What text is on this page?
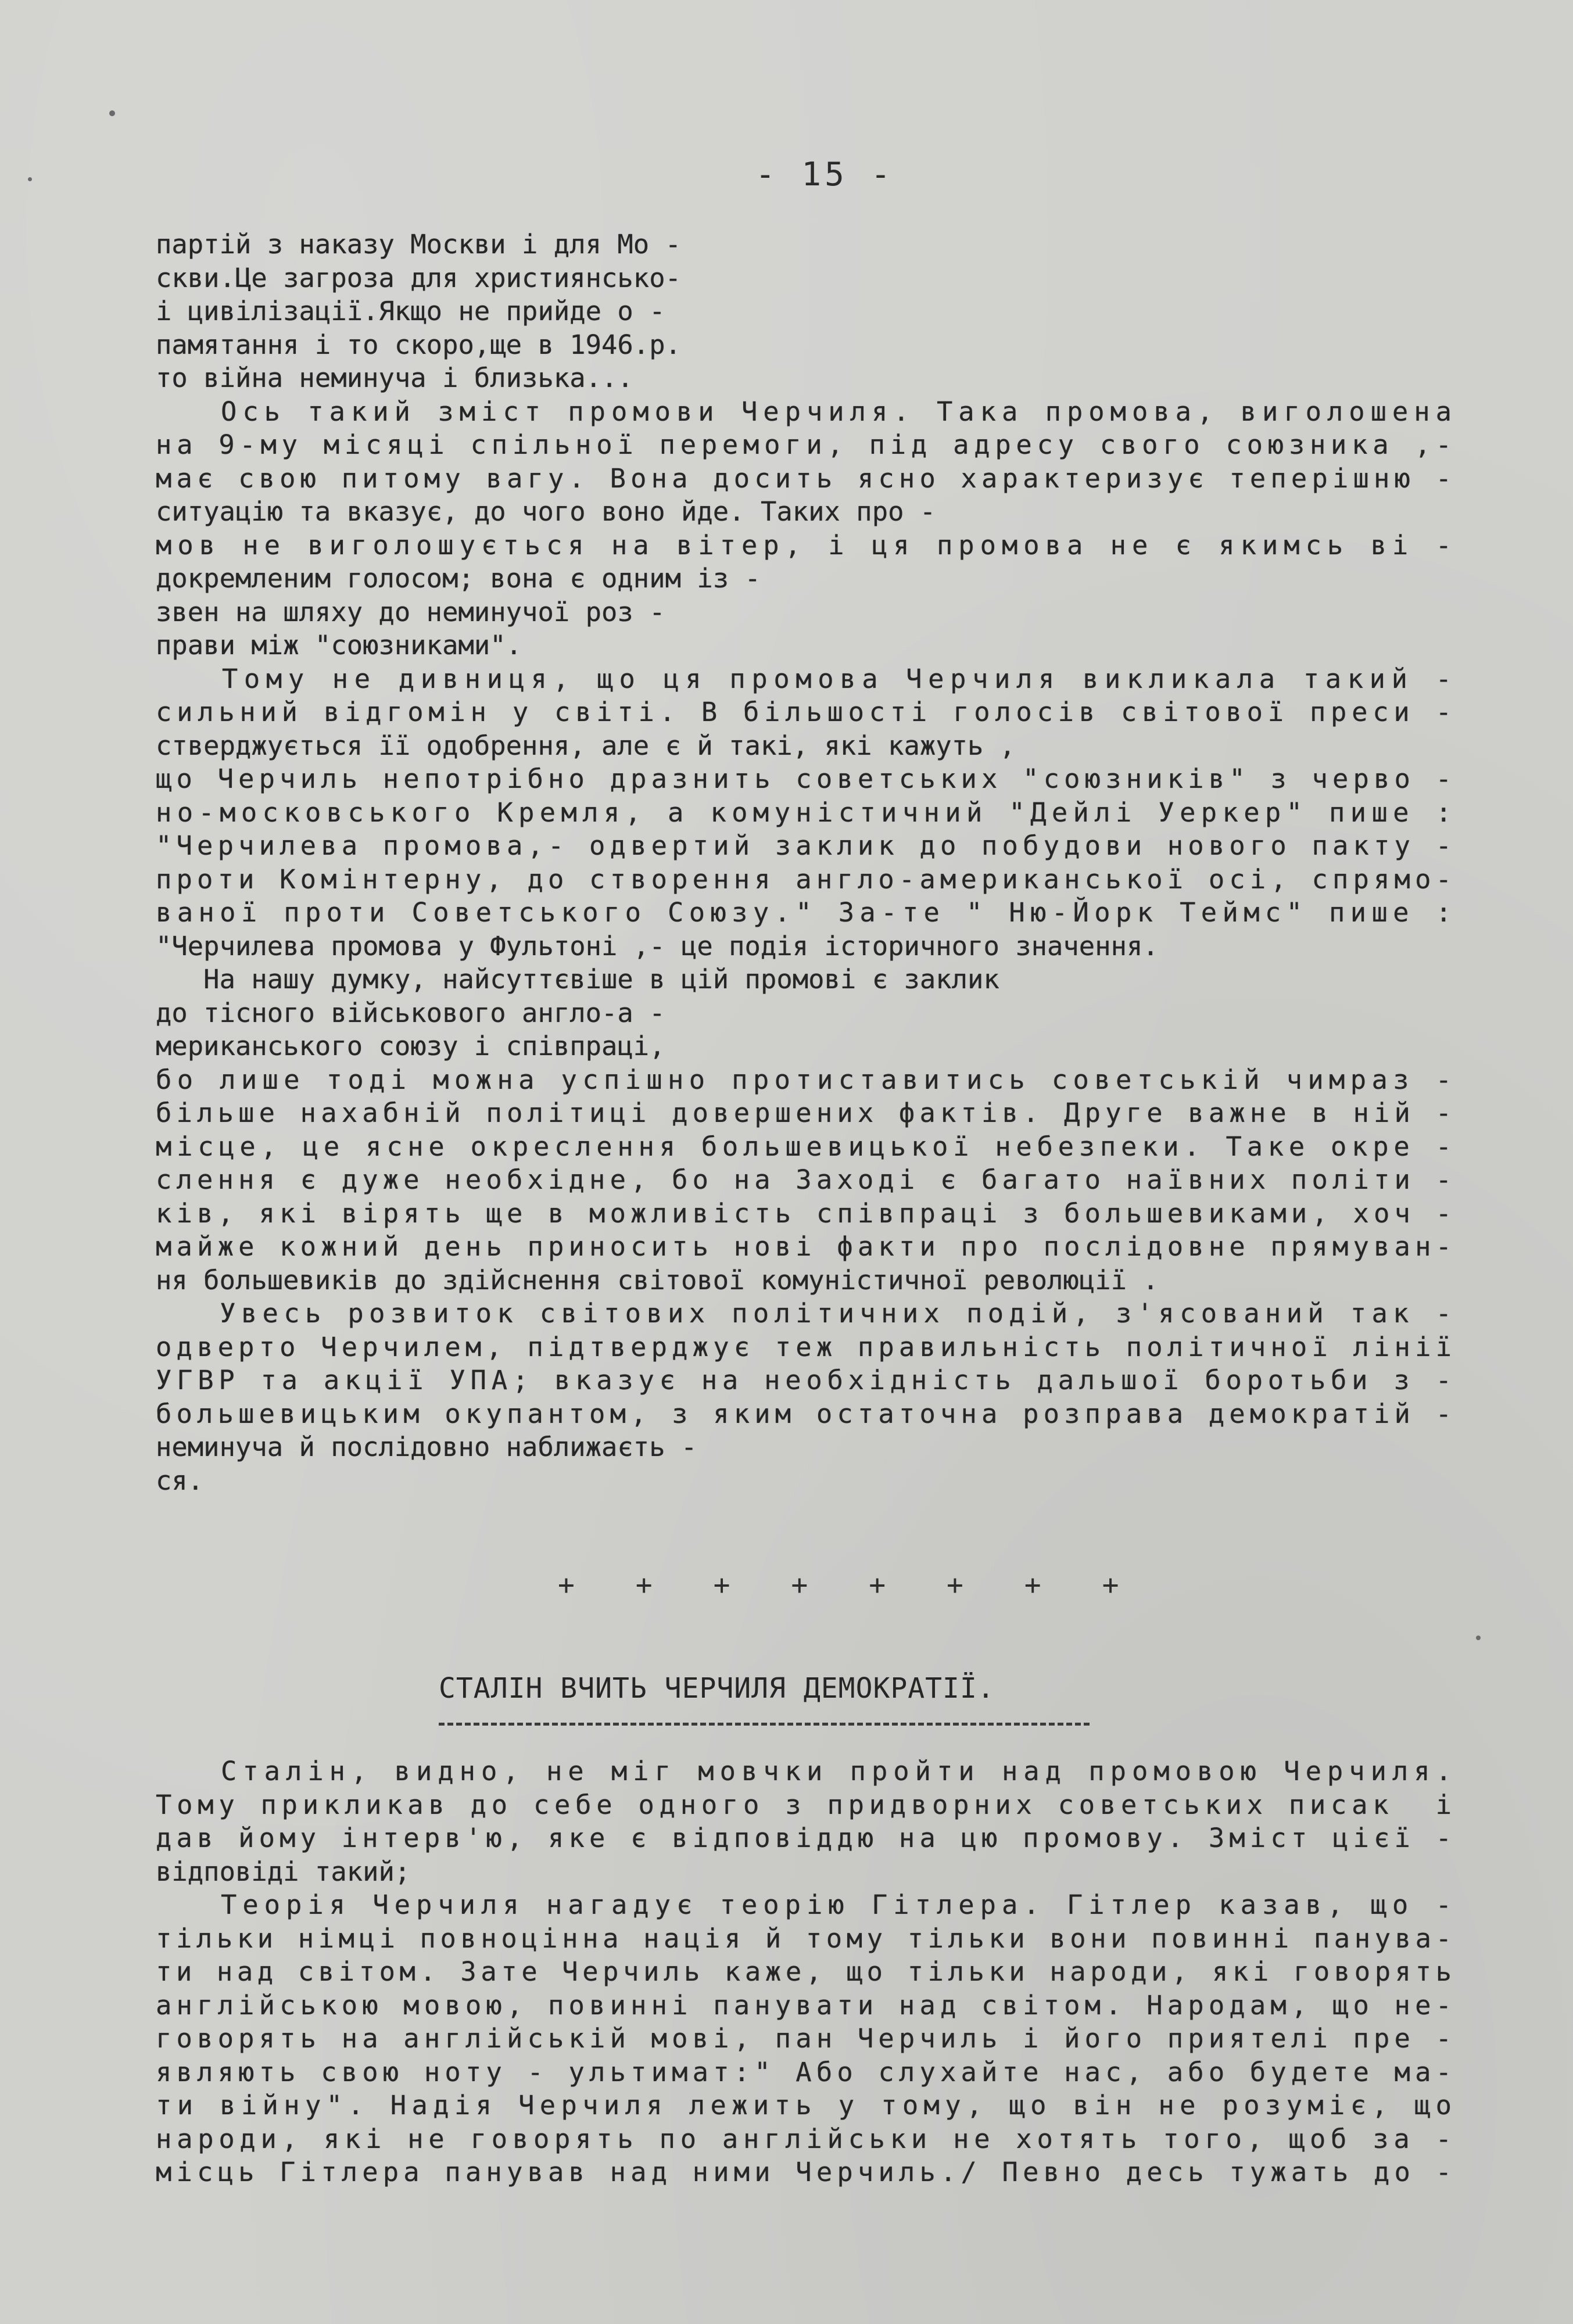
- 15 -
партій з наказу Москви і для Мо -
скви.Це загроза для християнсько-
і цивілізації.Якщо не прийде о -
памятання і то скоро,ще в 1946.р.
то війна неминуча і близька...
Ось такий зміст промови Черчиля. Така промова, виголошена
на 9-му місяці спільної перемоги, під адресу свого союзника ,-
має свою питому вагу. Вона досить ясно характеризує теперішню -
ситуацію та вказує, до чого воно йде. Таких про -
мов не виголошується на вітер, і ця промова не є якимсь ві -
докремленим голосом; вона є одним із -
звен на шляху до неминучої роз -
прави між "союзниками".
Тому не дивниця, що ця промова Черчиля викликала такий -
сильний відгомін у світі. В більшості голосів світової преси -
стверджується її одобрення, але є й такі, які кажуть ,
що Черчиль непотрібно дразнить советських "союзників" з черво -
но-московського Кремля, а комуністичний "Дейлі Уеркер" пише :
"Черчилева промова,- одвертий заклик до побудови нового пакту -
проти Комінтерну, до створення англо-американської осі, спрямо-
ваної проти Советського Союзу." За-те " Ню-Йорк Теймс" пише :
"Черчилева промова у Фультоні ,- це подія історичного значення.
На нашу думку, найсуттєвіше в цій промові є заклик
до тісного військового англо-а -
мериканського союзу і співпраці,
бо лише тоді можна успішно протиставитись советській чимраз -
більше нахабній політиці довершених фактів. Друге важне в ній -
місце, це ясне окреслення большевицької небезпеки. Таке окре -
слення є дуже необхідне, бо на Заході є багато наївних політи -
ків, які вірять ще в можливість співпраці з большевиками, хоч -
майже кожний день приносить нові факти про послідовне прямуван-
ня большевиків до здійснення світової комуністичної революції .
Увесь розвиток світових політичних подій, з'ясований так -
одверто Черчилем, підтверджує теж правильність політичної лінії
УГВР та акції УПА; вказує на необхідність дальшої боротьби з -
большевицьким окупантом, з яким остаточна розправа демократій -
неминуча й послідовно наближаєть -
ся.
+ + + + + + + +
СТАЛІН ВЧИТЬ ЧЕРЧИЛЯ ДЕМОКРАТІЇ.
Сталін, видно, не міг мовчки пройти над промовою Черчиля.
Тому прикликав до себе одного з придворних советських писак  і
дав йому інтерв'ю, яке є відповіддю на цю промову. Зміст цієї -
відповіді такий;
Теорія Черчиля нагадує теорію Гітлера. Гітлер казав, що -
тільки німці повноцінна нація й тому тільки вони повинні панува-
ти над світом. Зате Черчиль каже, що тільки народи, які говорять
англійською мовою, повинні панувати над світом. Народам, що не-
говорять на англійській мові, пан Черчиль і його приятелі пре -
являють свою ноту - ультимат:" Або слухайте нас, або будете ма-
ти війну". Надія Черчиля лежить у тому, що він не розуміє, що
народи, які не говорять по англійськи не хотять того, щоб за -
місць Гітлера панував над ними Черчиль./ Певно десь тужать до -
